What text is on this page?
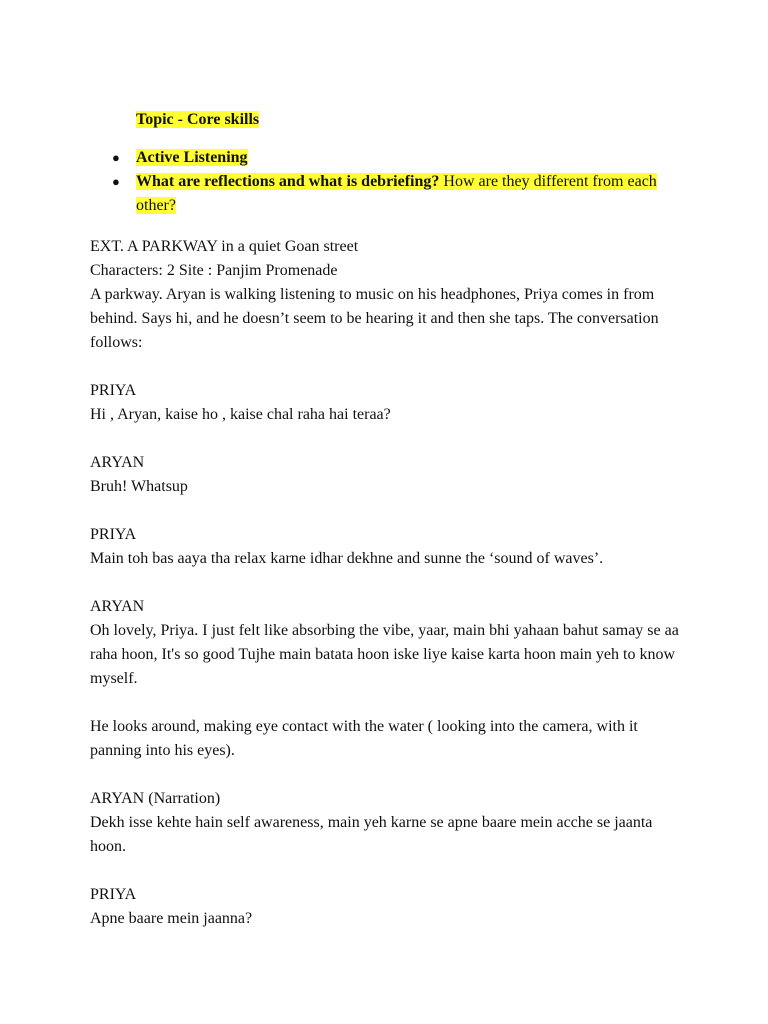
Topic - Core skills
●	Active Listening
●	What are reflections and what is debriefing? How are they different from each other?

EXT. A PARKWAY in a quiet Goan street

Characters: 2 Site : Panjim Promenade

A parkway. Aryan is walking listening to music on his headphones, Priya comes in from behind. Says hi, and he doesn’t seem to be hearing it and then she taps. The conversation follows:

PRIYA

Hi , Aryan, kaise ho , kaise chal raha hai teraa?

ARYAN

Bruh! Whatsup

PRIYA

Main toh bas aaya tha relax karne idhar dekhne and sunne the ‘sound of waves’.

ARYAN

Oh lovely, Priya. I just felt like absorbing the vibe, yaar, main bhi yahaan bahut samay se aa raha hoon, It's so good Tujhe main batata hoon iske liye kaise karta hoon main yeh to know myself.

He looks around, making eye contact with the water ( looking into the camera, with it panning into his eyes).

ARYAN (Narration)

Dekh isse kehte hain self awareness, main yeh karne se apne baare mein acche se jaanta hoon.

PRIYA

Apne baare mein jaanna?
